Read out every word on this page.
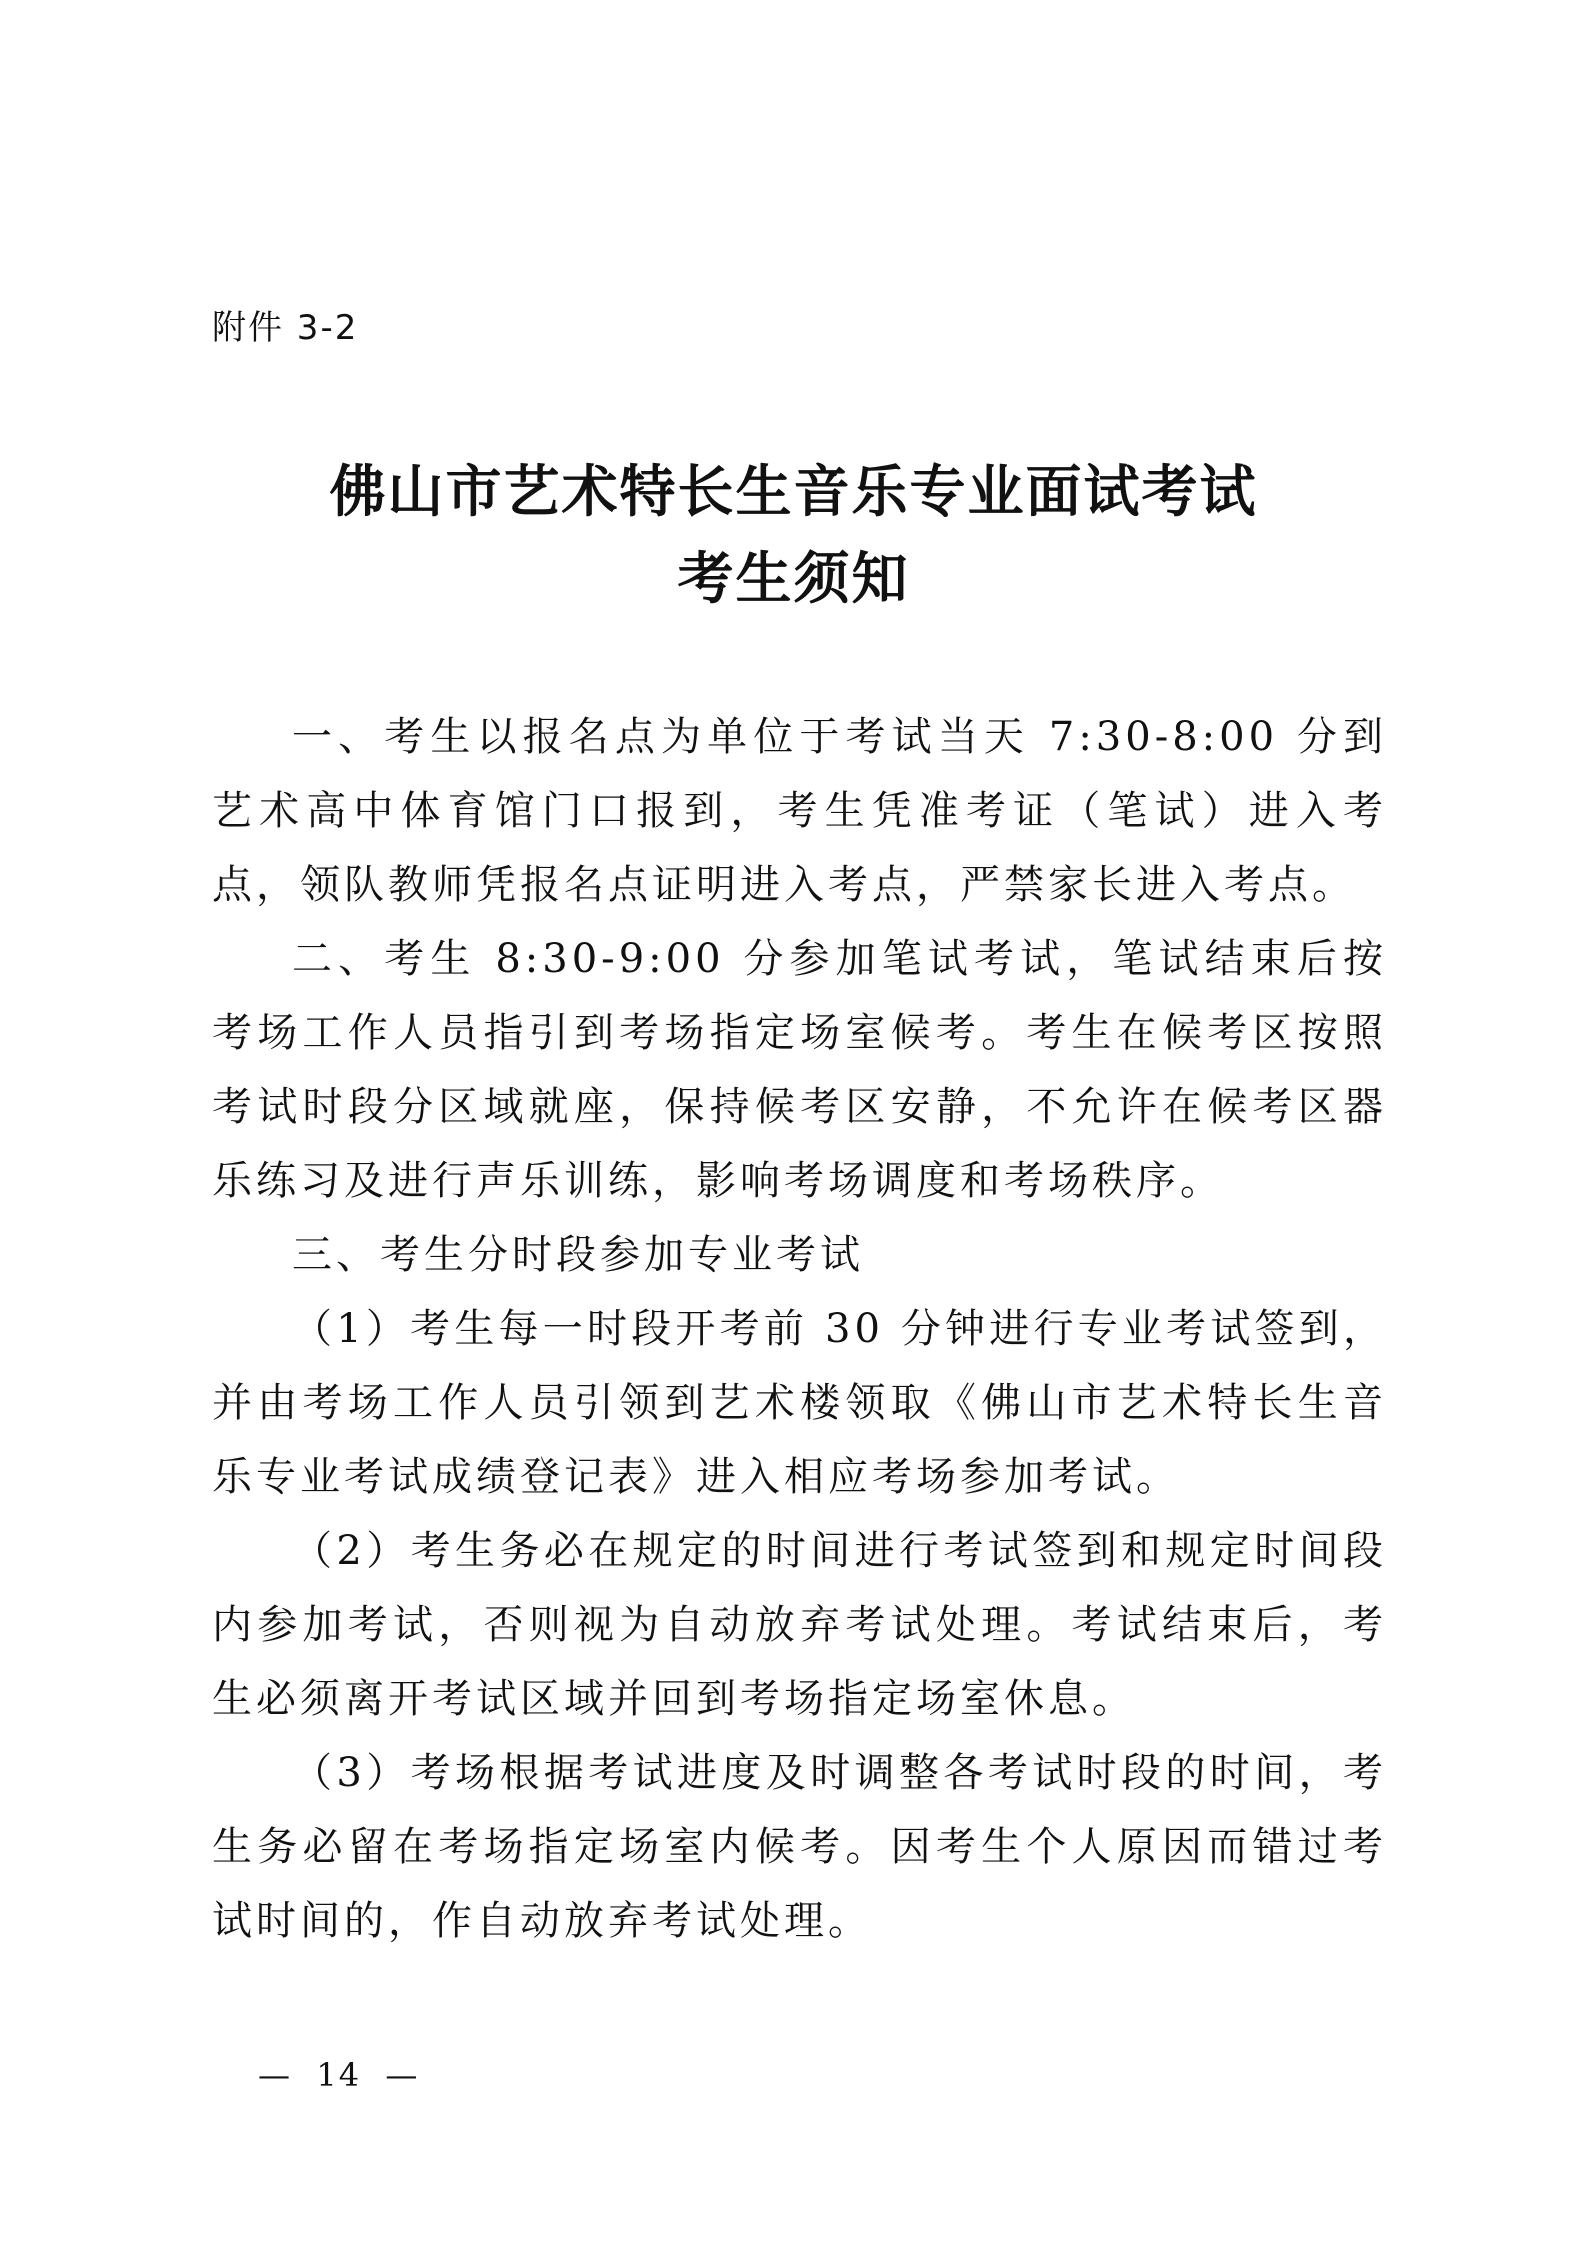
附件 3-2

佛山市艺术特长生音乐专业面试考试
考生须知

一、考生以报名点为单位于考试当天 7:30-8:00 分到艺术高中体育馆门口报到，考生凭准考证（笔试）进入考点，领队教师凭报名点证明进入考点，严禁家长进入考点。

二、考生 8:30-9:00 分参加笔试考试，笔试结束后按考场工作人员指引到考场指定场室候考。考生在候考区按照考试时段分区域就座，保持候考区安静，不允许在候考区器乐练习及进行声乐训练，影响考场调度和考场秩序。

三、考生分时段参加专业考试

（1）考生每一时段开考前 30 分钟进行专业考试签到，并由考场工作人员引领到艺术楼领取《佛山市艺术特长生音乐专业考试成绩登记表》进入相应考场参加考试。

（2）考生务必在规定的时间进行考试签到和规定时间段内参加考试，否则视为自动放弃考试处理。考试结束后，考生必须离开考试区域并回到考场指定场室休息。

（3）考场根据考试进度及时调整各考试时段的时间，考生务必留在考场指定场室内候考。因考生个人原因而错过考试时间的，作自动放弃考试处理。

—  14  —
